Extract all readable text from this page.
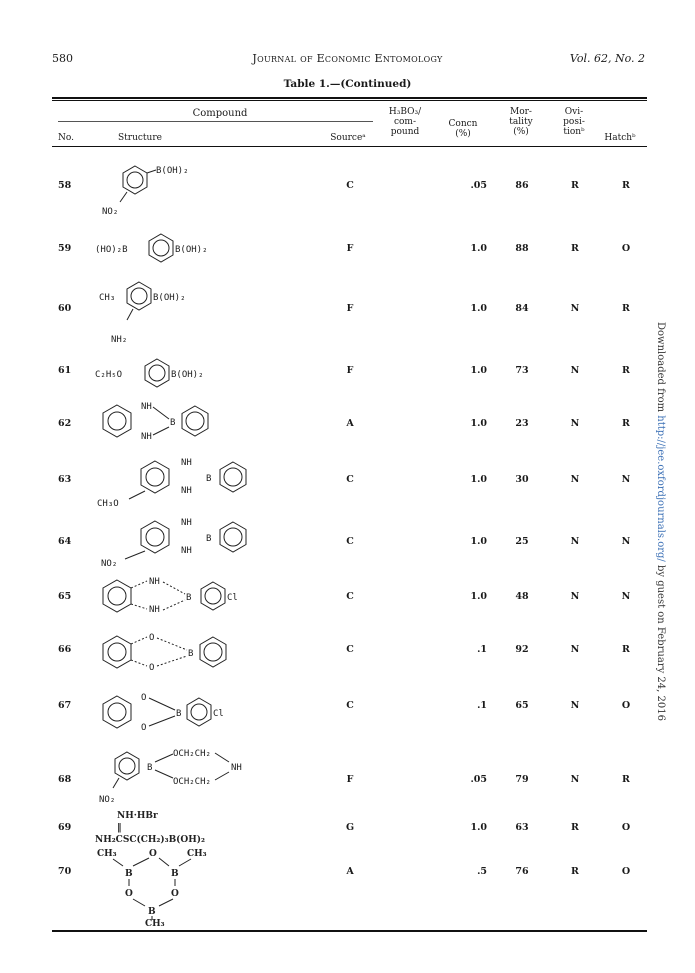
580	Journal of Economic Entomology	Vol. 62, No. 2
Table 1.—(Continued)
Compound
No.	Structure	Sourceᵃ
H₃BO₃/
com-
pound
Concn
(%)
Mor-
tality
(%)
Ovi-
posi-
tionᵇ
Hatchᵇ
58	C	.05	86	R	R
59	F	1.0	88	R	O
60	F	1.0	84	N	R
61	F	1.0	73	N	R
62	A	1.0	23	N	R
63	C	1.0	30	N	N
64	C	1.0	25	N	N
65	C	1.0	48	N	N
66	C	.1	92	N	R
67	C	.1	65	N	O
68	F	.05	79	N	R
69	G	1.0	63	R	O
70	A	.5	76	R	O
B(OH)₂
NO₂
(HO)₂B	B(OH)₂
CH₃	B(OH)₂
NH₂
C₂H₅O	B(OH)₂
NH
NH
B
NH
NH
B
CH₃O
NH
NH
B
NO₂
NH
NH
B	Cl
O
O
B
O
O
B	Cl
B
OCH₂CH₂
OCH₂CH₂
NH
NO₂
NH·HBr
‖
NH₂CSC(CH₂)₃B(OH)₂
CH₃	O	CH₃
B	B
O	O
B
CH₃
Downloaded from http://jee.oxfordjournals.org/ by guest on February 24, 2016
